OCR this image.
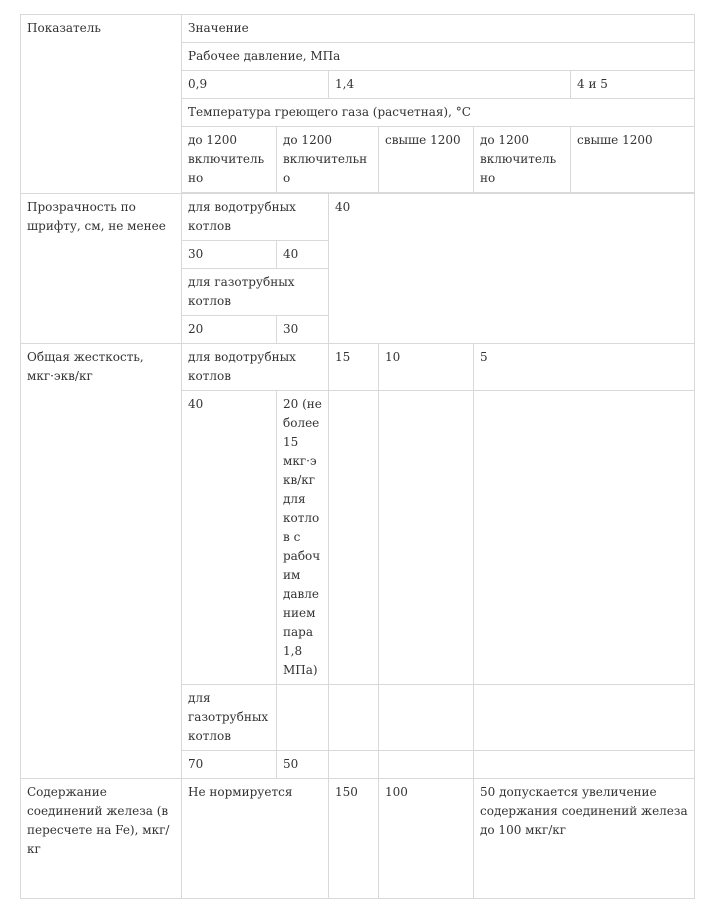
Показатель	Значение					
	Рабочее давление, МПа					
	0,9		1,4			4 и 5
	Температура греющего газа (расчетная), °С					
	до 1200 включительно	до 1200 включительно		свыше 1200	до 1200 включительно	свыше 1200

Прозрачность по шрифту, см, не менее	для водотрубных котлов		40			
	30	40				
	для газотрубных котлов					
	20	30				
Общая жесткость, мкг·экв/кг	для водотрубных котлов		15	10	5	
	40	20 (не более 15 мкг·экв/кг для котлов с рабочим давлением пара 1,8 МПа)				
	для газотрубных котлов					
	70	50				
Содержание соединений железа (в пересчете на Fe), мкг/кг	Не нормируется		150	100	50 допускается увеличение содержания соединений железа до 100 мкг/кг	
